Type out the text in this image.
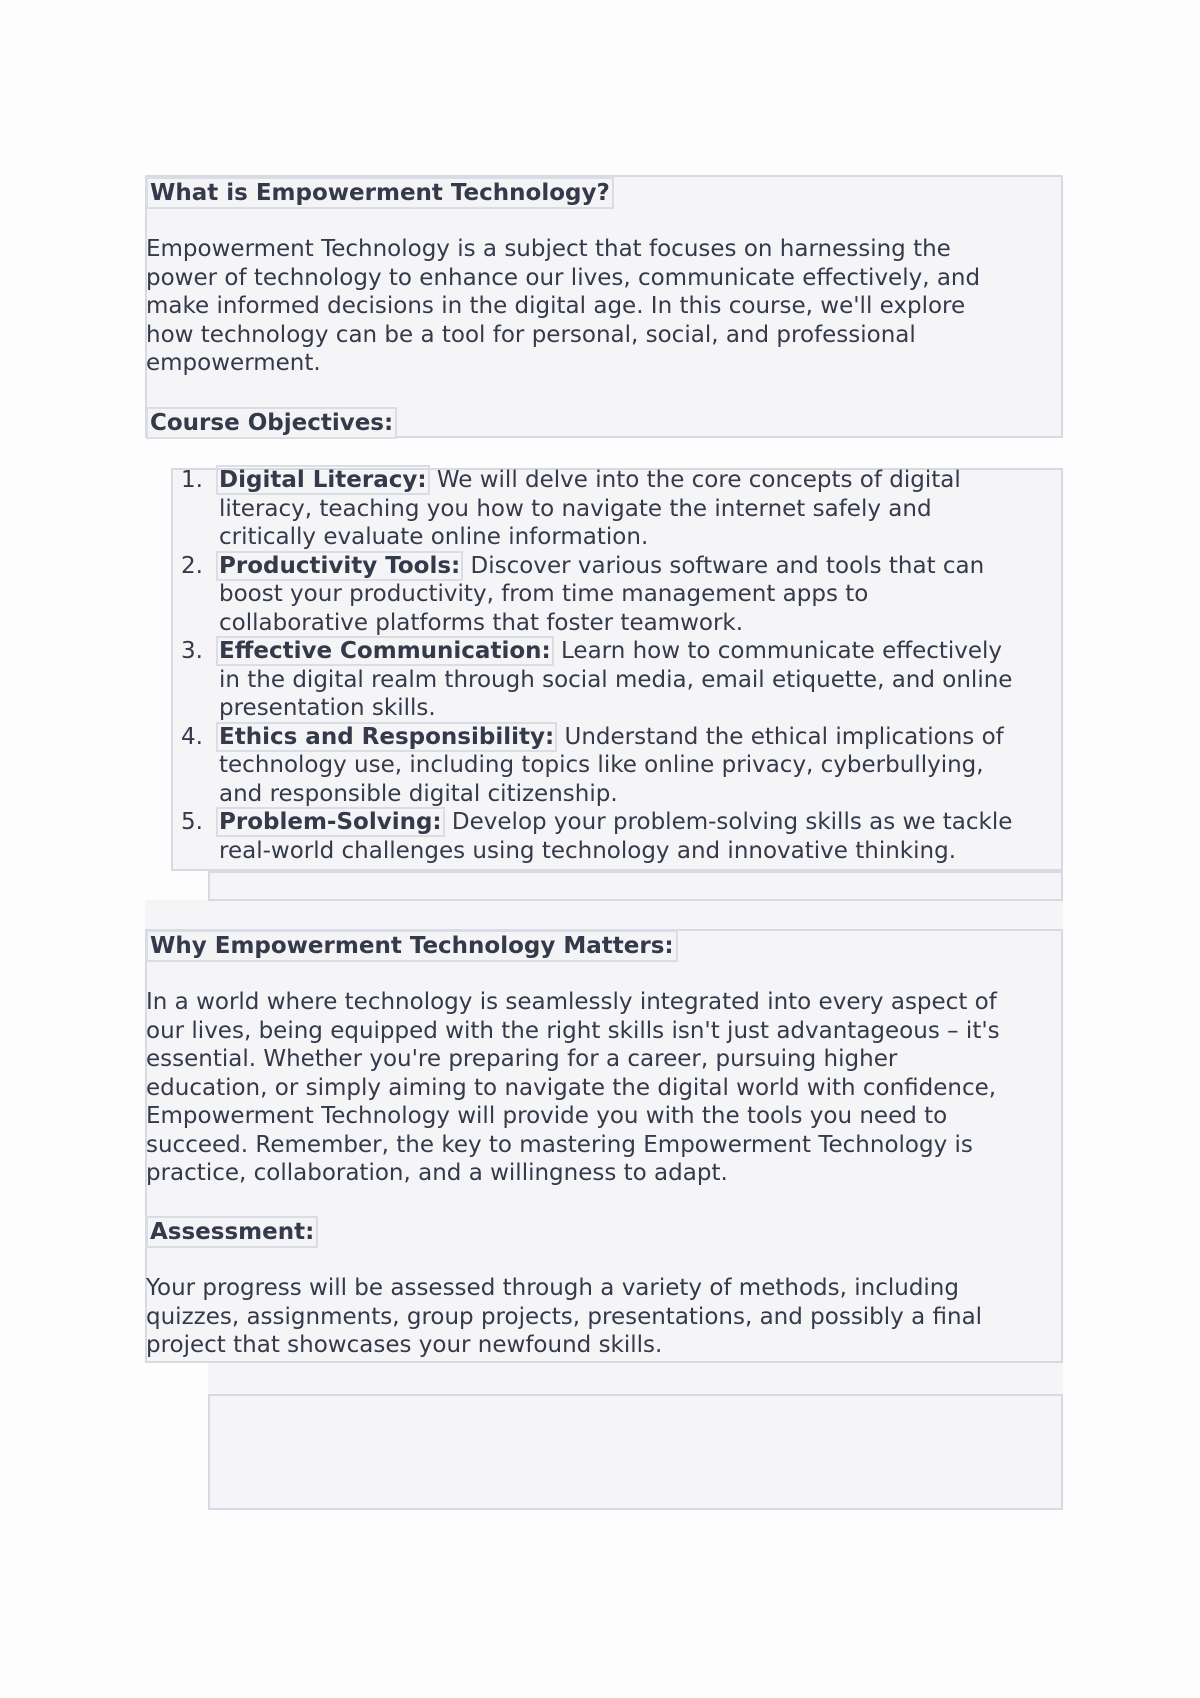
What is Empowerment Technology?

Empowerment Technology is a subject that focuses on harnessing the
power of technology to enhance our lives, communicate effectively, and
make informed decisions in the digital age. In this course, we'll explore
how technology can be a tool for personal, social, and professional
empowerment.

Course Objectives:
1. Digital Literacy: We will delve into the core concepts of digital
literacy, teaching you how to navigate the internet safely and
critically evaluate online information.
2. Productivity Tools: Discover various software and tools that can
boost your productivity, from time management apps to
collaborative platforms that foster teamwork.
3. Effective Communication: Learn how to communicate effectively
in the digital realm through social media, email etiquette, and online
presentation skills.
4. Ethics and Responsibility: Understand the ethical implications of
technology use, including topics like online privacy, cyberbullying,
and responsible digital citizenship.
5. Problem-Solving: Develop your problem-solving skills as we tackle
real-world challenges using technology and innovative thinking.
Why Empowerment Technology Matters:

In a world where technology is seamlessly integrated into every aspect of
our lives, being equipped with the right skills isn't just advantageous – it's
essential. Whether you're preparing for a career, pursuing higher
education, or simply aiming to navigate the digital world with confidence,
Empowerment Technology will provide you with the tools you need to
succeed. Remember, the key to mastering Empowerment Technology is
practice, collaboration, and a willingness to adapt.

Assessment:

Your progress will be assessed through a variety of methods, including
quizzes, assignments, group projects, presentations, and possibly a final
project that showcases your newfound skills.
